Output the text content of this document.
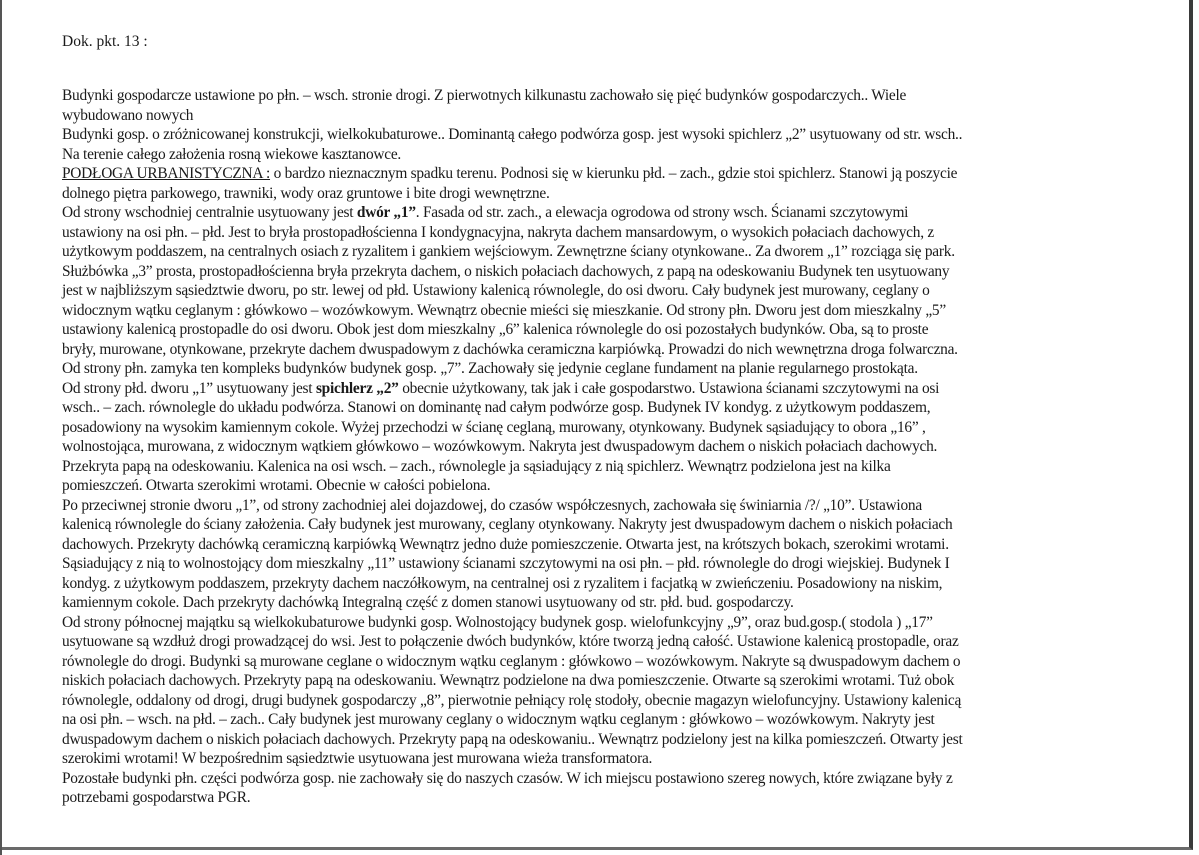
Dok. pkt. 13 :
Budynki gospodarcze ustawione po płn. – wsch. stronie drogi. Z pierwotnych kilkunastu zachowało się pięć budynków gospodarczych.. Wiele
wybudowano nowych
Budynki gosp. o zróżnicowanej konstrukcji, wielkokubaturowe.. Dominantą całego podwórza gosp. jest wysoki spichlerz „2” usytuowany od str. wsch..
Na terenie całego założenia rosną wiekowe kasztanowce.
PODŁOGA URBANISTYCZNA : o bardzo nieznacznym spadku terenu. Podnosi się w kierunku płd. – zach., gdzie stoi spichlerz. Stanowi ją poszycie
dolnego piętra parkowego, trawniki, wody oraz gruntowe i bite drogi wewnętrzne.
Od strony wschodniej centralnie usytuowany jest dwór „1”. Fasada od str. zach., a elewacja ogrodowa od strony wsch. Ścianami szczytowymi
ustawiony na osi płn. – płd. Jest to bryła prostopadłościenna I kondygnacyjna, nakryta dachem mansardowym, o wysokich połaciach dachowych, z
użytkowym poddaszem, na centralnych osiach z ryzalitem i gankiem wejściowym. Zewnętrzne ściany otynkowane.. Za dworem „1” rozciąga się park.
Służbówka „3” prosta, prostopadłościenna bryła przekryta dachem, o niskich połaciach dachowych, z papą na odeskowaniu Budynek ten usytuowany
jest w najbliższym sąsiedztwie dworu, po str. lewej od płd. Ustawiony kalenicą równolegle, do osi dworu. Cały budynek jest murowany, ceglany o
widocznym wątku ceglanym : główkowo – wozówkowym. Wewnątrz obecnie mieści się mieszkanie. Od strony płn. Dworu jest dom mieszkalny „5”
ustawiony kalenicą prostopadle do osi dworu. Obok jest dom mieszkalny „6” kalenica równolegle do osi pozostałych budynków. Oba, są to proste
bryły, murowane, otynkowane, przekryte dachem dwuspadowym z dachówka ceramiczna karpiówką. Prowadzi do nich wewnętrzna droga folwarczna.
Od strony płn. zamyka ten kompleks budynków budynek gosp. „7”. Zachowały się jedynie ceglane fundament na planie regularnego prostokąta.
Od strony płd. dworu „1” usytuowany jest spichlerz „2” obecnie użytkowany, tak jak i całe gospodarstwo. Ustawiona ścianami szczytowymi na osi
wsch.. – zach. równolegle do układu podwórza. Stanowi on dominantę nad całym podwórze gosp. Budynek IV kondyg. z użytkowym poddaszem,
posadowiony na wysokim kamiennym cokole. Wyżej przechodzi w ścianę ceglaną, murowany, otynkowany. Budynek sąsiadujący to obora „16” ,
wolnostojąca, murowana, z widocznym wątkiem główkowo – wozówkowym. Nakryta jest dwuspadowym dachem o niskich połaciach dachowych.
Przekryta papą na odeskowaniu. Kalenica na osi wsch. – zach., równolegle ja sąsiadujący z nią spichlerz. Wewnątrz podzielona jest na kilka
pomieszczeń. Otwarta szerokimi wrotami. Obecnie w całości pobielona.
Po przeciwnej stronie dworu „1”, od strony zachodniej alei dojazdowej, do czasów współczesnych, zachowała się świniarnia /?/ „10”. Ustawiona
kalenicą równolegle do ściany założenia. Cały budynek jest murowany, ceglany otynkowany. Nakryty jest dwuspadowym dachem o niskich połaciach
dachowych. Przekryty dachówką ceramiczną karpiówką Wewnątrz jedno duże pomieszczenie. Otwarta jest, na krótszych bokach, szerokimi wrotami.
Sąsiadujący z nią to wolnostojący dom mieszkalny „11” ustawiony ścianami szczytowymi na osi płn. – płd. równolegle do drogi wiejskiej. Budynek I
kondyg. z użytkowym poddaszem, przekryty dachem naczółkowym, na centralnej osi z ryzalitem i facjatką w zwieńczeniu. Posadowiony na niskim,
kamiennym cokole. Dach przekryty dachówką Integralną część z domen stanowi usytuowany od str. płd. bud. gospodarczy.
Od strony północnej majątku są wielkokubaturowe budynki gosp. Wolnostojący budynek gosp. wielofunkcyjny „9”, oraz bud.gosp.( stodola ) „17”
usytuowane są wzdłuż drogi prowadzącej do wsi. Jest to połączenie dwóch budynków, które tworzą jedną całość. Ustawione kalenicą prostopadle, oraz
równolegle do drogi. Budynki są murowane ceglane o widocznym wątku ceglanym : główkowo – wozówkowym. Nakryte są dwuspadowym dachem o
niskich połaciach dachowych. Przekryty papą na odeskowaniu. Wewnątrz podzielone na dwa pomieszczenie. Otwarte są szerokimi wrotami. Tuż obok
równolegle, oddalony od drogi, drugi budynek gospodarczy „8”, pierwotnie pełniący rolę stodoły, obecnie magazyn wielofuncyjny. Ustawiony kalenicą
na osi płn. – wsch. na płd. – zach.. Cały budynek jest murowany ceglany o widocznym wątku ceglanym : główkowo – wozówkowym. Nakryty jest
dwuspadowym dachem o niskich połaciach dachowych. Przekryty papą na odeskowaniu.. Wewnątrz podzielony jest na kilka pomieszczeń. Otwarty jest
szerokimi wrotami! W bezpośrednim sąsiedztwie usytuowana jest murowana wieża transformatora.
Pozostałe budynki płn. części podwórza gosp. nie zachowały się do naszych czasów. W ich miejscu postawiono szereg nowych, które związane były z
potrzebami gospodarstwa PGR.
